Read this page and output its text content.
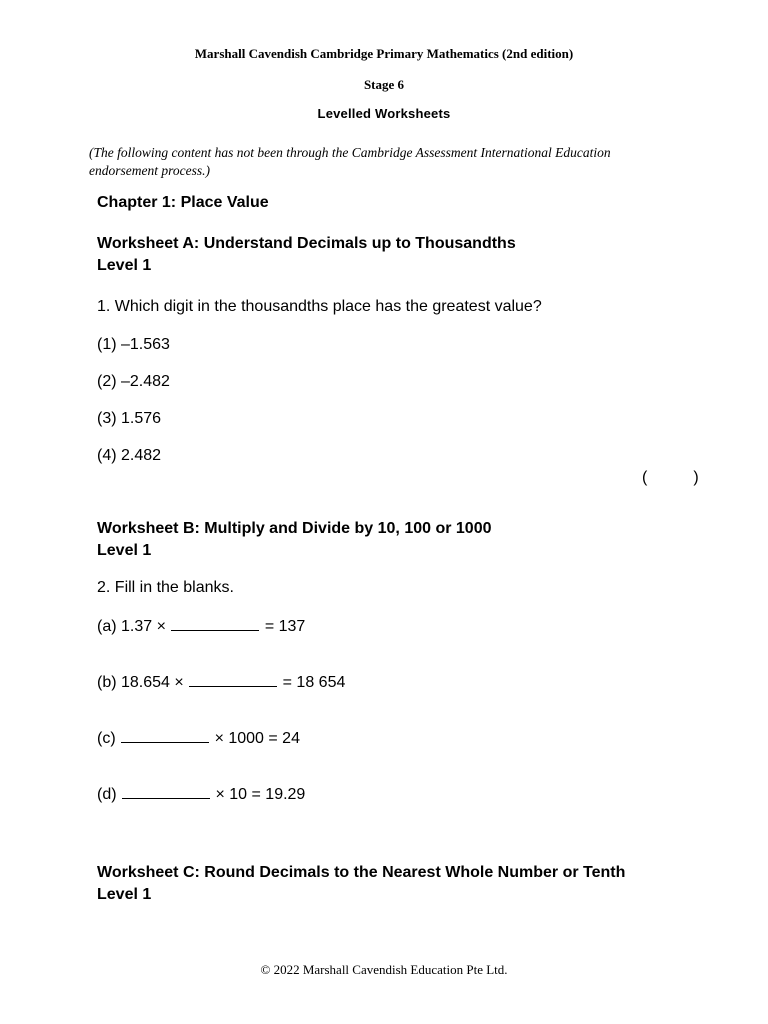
Marshall Cavendish Cambridge Primary Mathematics (2nd edition)
Stage 6
Levelled Worksheets
(The following content has not been through the Cambridge Assessment International Education endorsement process.)
Chapter 1: Place Value
Worksheet A: Understand Decimals up to Thousandths
Level 1
1. Which digit in the thousandths place has the greatest value?
(1) –1.563
(2) –2.482
(3) 1.576
(4) 2.482
(	)
Worksheet B: Multiply and Divide by 10, 100 or 1000
Level 1
2. Fill in the blanks.
(a) 1.37 ×	= 137
(b) 18.654 ×	= 18 654
(c)	× 1000 = 24
(d)	× 10 = 19.29
Worksheet C: Round Decimals to the Nearest Whole Number or Tenth
Level 1
© 2022 Marshall Cavendish Education Pte Ltd.
